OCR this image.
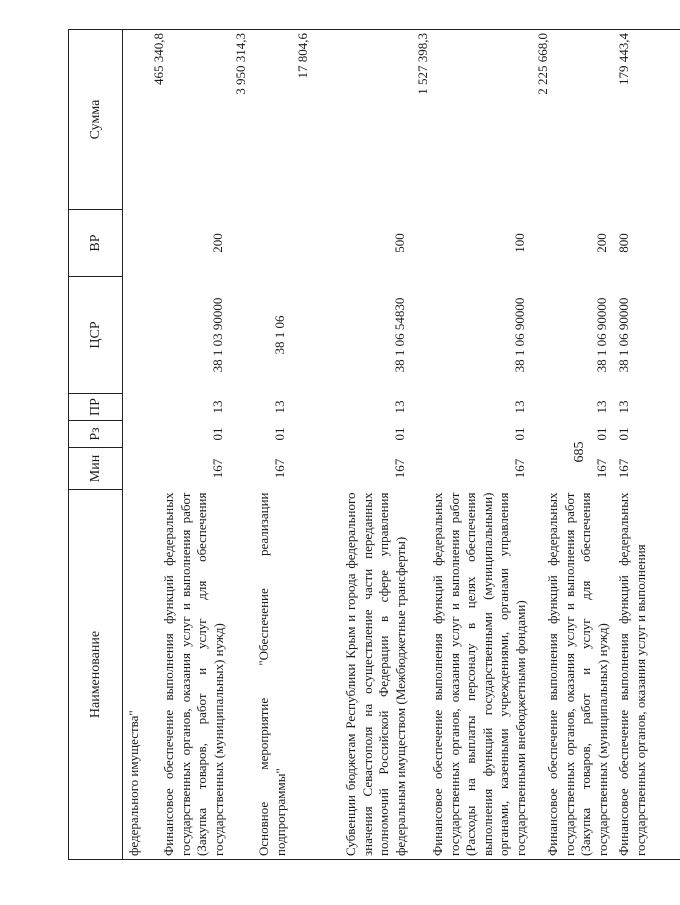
685
Наименование	Мин	Рз	ПР	ЦСР	ВР	Сумма
федерального имущества"						
Финансовое обеспечение выполнения функций федеральных государственных органов, оказания услуг и выполнения работ (Закупка товаров, работ и услуг для обеспечения государственных (муниципальных) нужд)	167	01	13	38 1 03 90000	200	465 340,8
Основное мероприятие "Обеспечение реализации подпрограммы"	167	01	13	38 1 06		3 950 314,3
Субвенции бюджетам Республики Крым и города федерального значения Севастополя на осуществление части переданных полномочий Российской Федерации в сфере управления федеральным имуществом (Межбюджетные трансферты)	167	01	13	38 1 06 54830	500	17 804,6
Финансовое обеспечение выполнения функций федеральных государственных органов, оказания услуг и выполнения работ (Расходы на выплаты персоналу в целях обеспечения выполнения функций государственными (муниципальными) органами, казенными учреждениями, органами управления государственными внебюджетными фондами)	167	01	13	38 1 06 90000	100	1 527 398,3
Финансовое обеспечение выполнения функций федеральных государственных органов, оказания услуг и выполнения работ (Закупка товаров, работ и услуг для обеспечения государственных (муниципальных) нужд)	167	01	13	38 1 06 90000	200	2 225 668,0
Финансовое обеспечение выполнения функций федеральных государственных органов, оказания услуг и выполнения	167	01	13	38 1 06 90000	800	179 443,4
